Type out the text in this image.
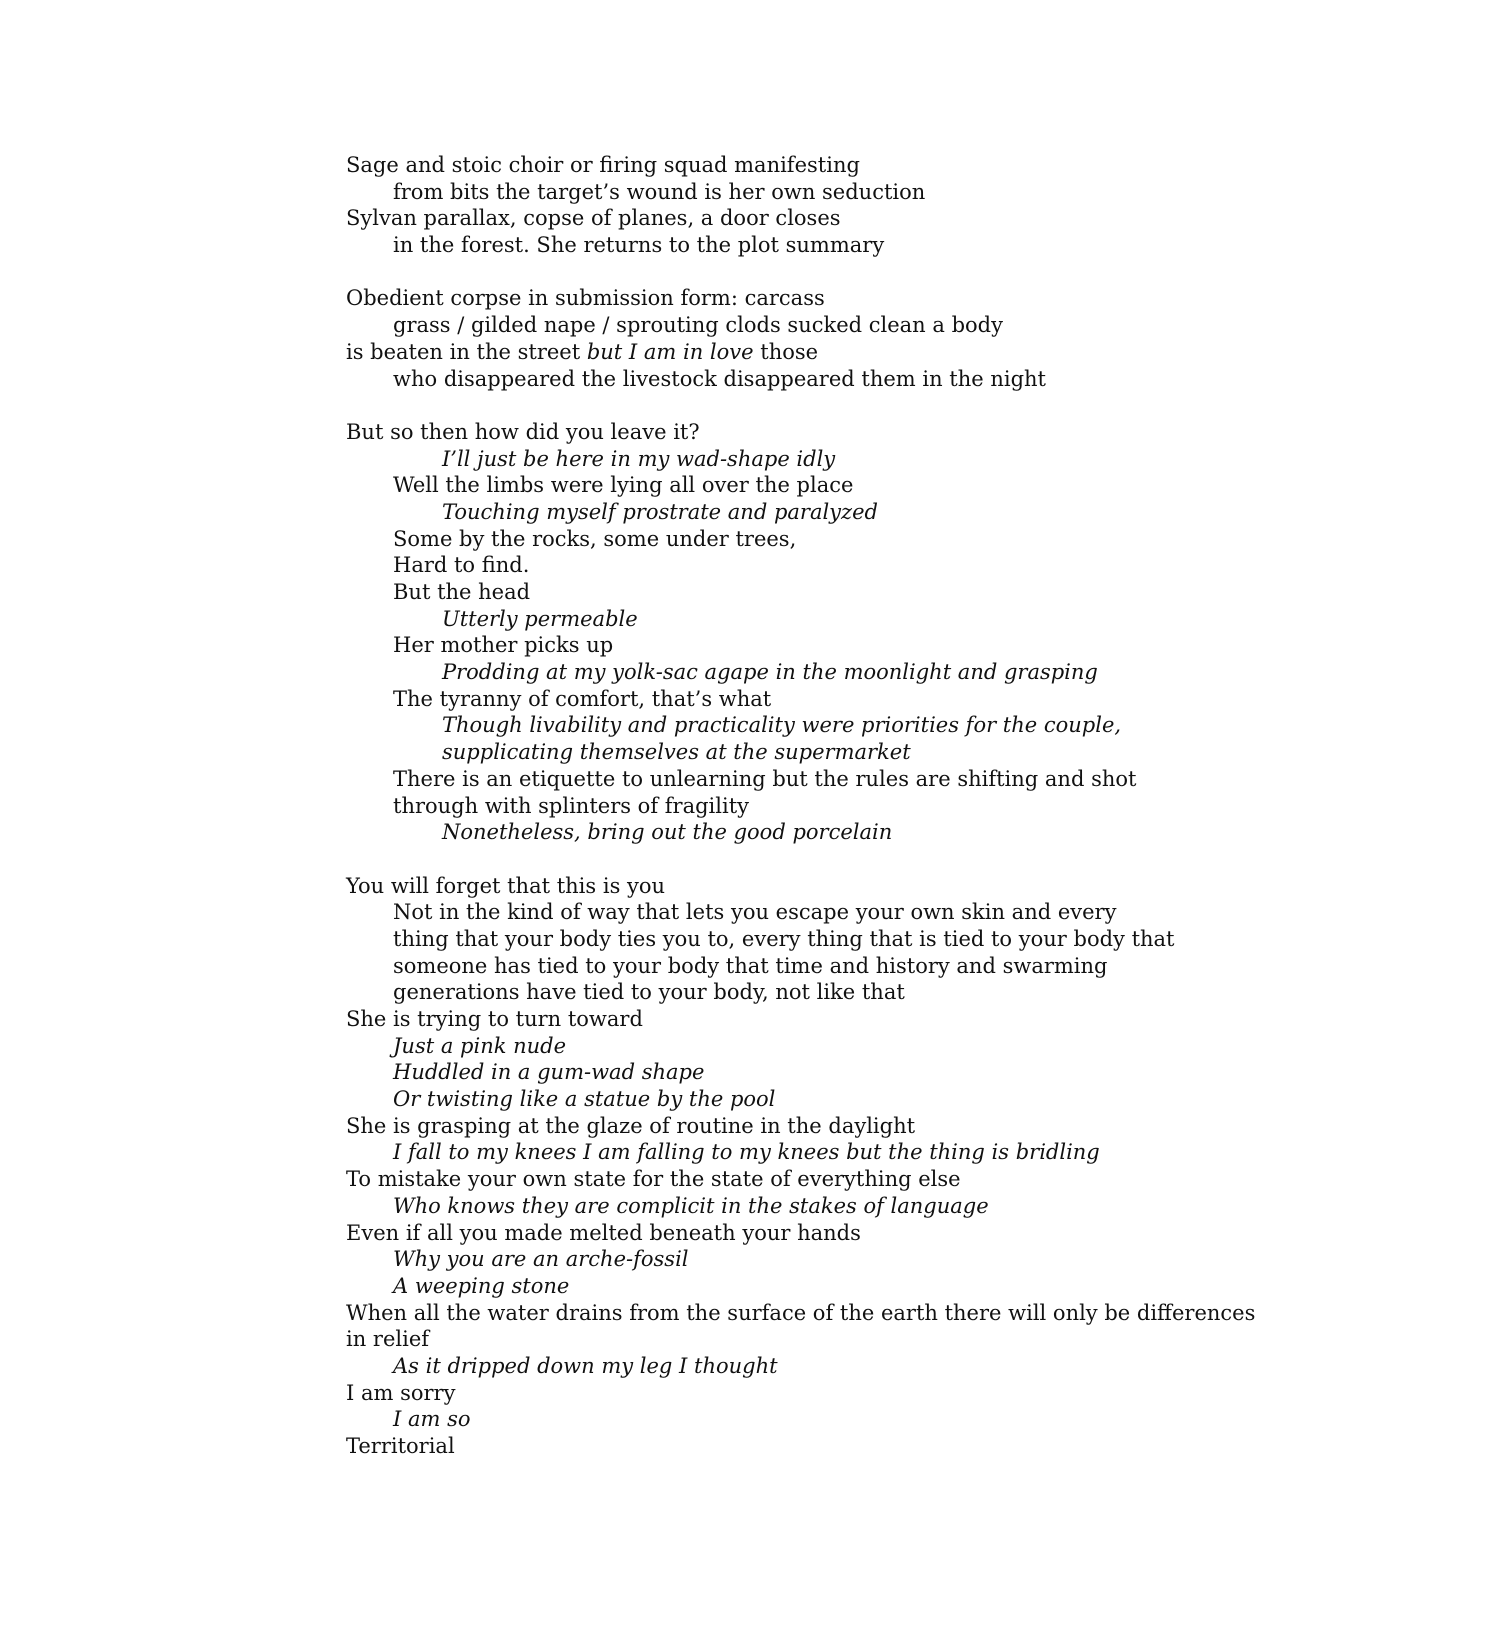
Sage and stoic choir or firing squad manifesting
from bits the target’s wound is her own seduction
Sylvan parallax, copse of planes, a door closes
in the forest. She returns to the plot summary
Obedient corpse in submission form: carcass
grass / gilded nape / sprouting clods sucked clean a body
is beaten in the street but I am in love those
who disappeared the livestock disappeared them in the night
But so then how did you leave it?
I’ll just be here in my wad-shape idly
Well the limbs were lying all over the place
Touching myself prostrate and paralyzed
Some by the rocks, some under trees,
Hard to find.
But the head
Utterly permeable
Her mother picks up
Prodding at my yolk-sac agape in the moonlight and grasping
The tyranny of comfort, that’s what
Though livability and practicality were priorities for the couple,
supplicating themselves at the supermarket
There is an etiquette to unlearning but the rules are shifting and shot
through with splinters of fragility
Nonetheless, bring out the good porcelain
You will forget that this is you
Not in the kind of way that lets you escape your own skin and every
thing that your body ties you to, every thing that is tied to your body that
someone has tied to your body that time and history and swarming
generations have tied to your body, not like that
She is trying to turn toward
Just a pink nude
Huddled in a gum-wad shape
Or twisting like a statue by the pool
She is grasping at the glaze of routine in the daylight
I fall to my knees I am falling to my knees but the thing is bridling
To mistake your own state for the state of everything else
Who knows they are complicit in the stakes of language
Even if all you made melted beneath your hands
Why you are an arche-fossil
A weeping stone
When all the water drains from the surface of the earth there will only be differences
in relief
As it dripped down my leg I thought
I am sorry
I am so
Territorial
